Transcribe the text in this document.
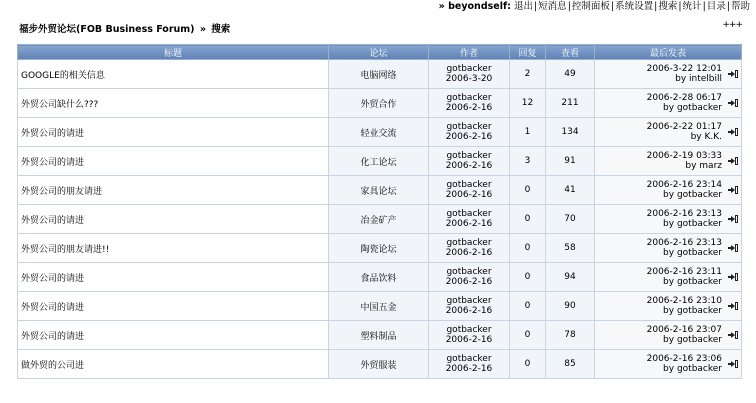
» beyondself: 退出|短消息|控制面板|系统设置|搜索|统计|目录|帮助
福步外贸论坛(FOB Business Forum) » 搜索	+++
标题	论坛	作者	回复	查看	最后发表
GOOGLE的相关信息	电脑网络	gotbacker
2006-3-20	2	49	2006-3-22 12:01
by intelbill

外贸公司缺什么???	外贸合作	gotbacker
2006-2-16	12	211	2006-2-28 06:17
by gotbacker

外贸公司的请进	轻业交流	gotbacker
2006-2-16	1	134	2006-2-22 01:17
by K.K.

外贸公司的请进	化工论坛	gotbacker
2006-2-16	3	91	2006-2-19 03:33
by marz

外贸公司的朋友请进	家具论坛	gotbacker
2006-2-16	0	41	2006-2-16 23:14
by gotbacker

外贸公司的请进	冶金矿产	gotbacker
2006-2-16	0	70	2006-2-16 23:13
by gotbacker

外贸公司的朋友请进!!	陶瓷论坛	gotbacker
2006-2-16	0	58	2006-2-16 23:13
by gotbacker

外贸公司的请进	食品饮料	gotbacker
2006-2-16	0	94	2006-2-16 23:11
by gotbacker

外贸公司的请进	中国五金	gotbacker
2006-2-16	0	90	2006-2-16 23:10
by gotbacker

外贸公司的请进	塑料制品	gotbacker
2006-2-16	0	78	2006-2-16 23:07
by gotbacker

做外贸的公司进	外贸服装	gotbacker
2006-2-16	0	85	2006-2-16 23:06
by gotbacker
